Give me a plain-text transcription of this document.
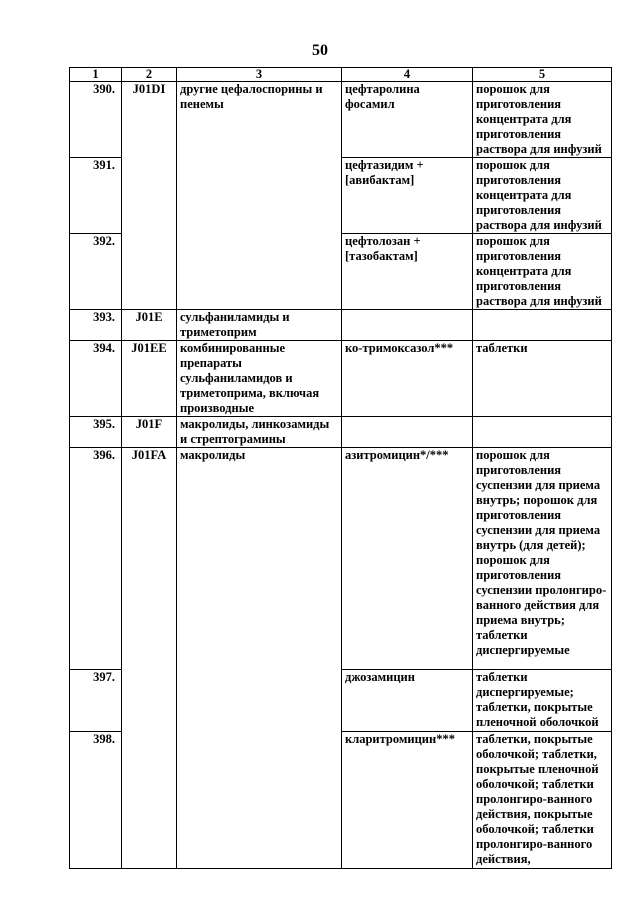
50
1	2	3	4	5
390.	J01DI	другие цефалоспорины и пенемы	цефтаролина фосамил	порошок для приготовления концентрата для приготовления раствора для инфузий
391.			цефтазидим +[авибактам]	порошок для приготовления концентрата для приготовления раствора для инфузий
392.			цефтолозан +[тазобактам]	порошок для приготовления концентрата для приготовления раствора для инфузий
393.	J01E	сульфаниламиды и триметоприм		
394.	J01EE	комбинированные препараты сульфаниламидов и триметоприма, включая производные	ко-тримоксазол***	таблетки
395.	J01F	макролиды, линкозамиды и стрептограмины		
396.	J01FA	макролиды	азитромицин*/***	порошок для приготовления суспензии для приема внутрь; порошок для приготовления суспензии для приема внутрь (для детей); порошок для приготовления суспензии пролонгиро-ванного действия для приема внутрь; таблетки диспергируемые
397.			джозамицин	таблетки диспергируемые; таблетки, покрытые пленочной оболочкой
398.			кларитромицин***	таблетки, покрытые оболочкой; таблетки, покрытые пленочной оболочкой; таблетки пролонгиро-ванного действия, покрытые оболочкой; таблетки пролонгиро-ванного действия,
